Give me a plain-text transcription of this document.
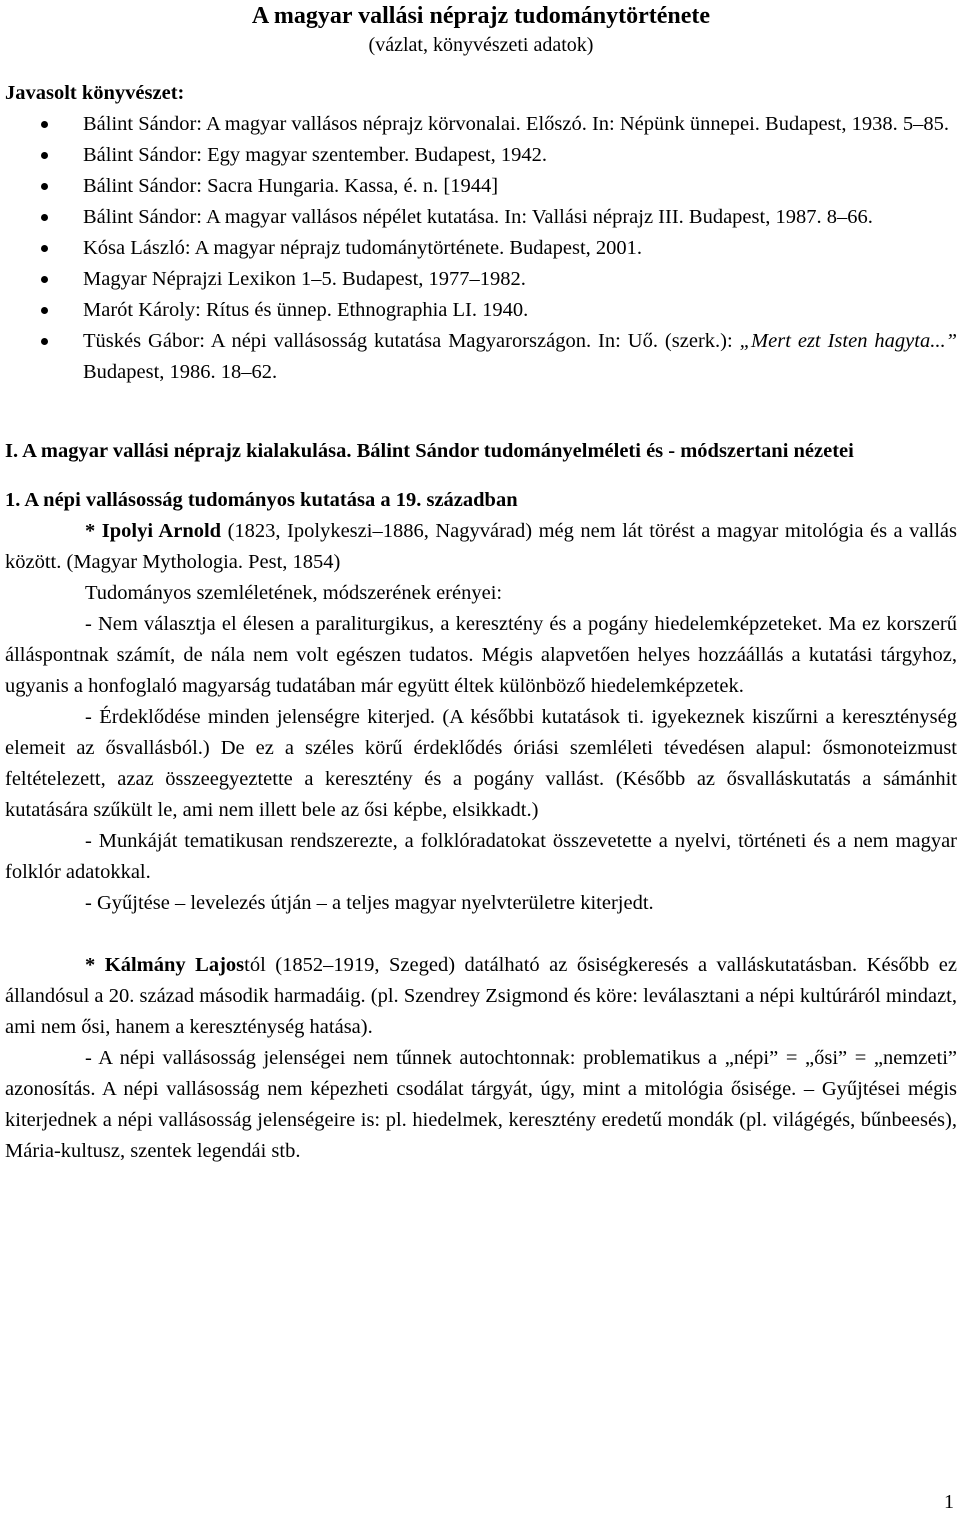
A magyar vallási néprajz tudománytörténete
(vázlat, könyvészeti adatok)
Javasolt könyvészet:
Bálint Sándor: A magyar vallásos néprajz körvonalai. Előszó. In: Népünk ünnepei. Budapest, 1938. 5–85.
Bálint Sándor: Egy magyar szentember. Budapest, 1942.
Bálint Sándor: Sacra Hungaria. Kassa, é. n. [1944]
Bálint Sándor: A magyar vallásos népélet kutatása. In: Vallási néprajz III. Budapest, 1987. 8–66.
Kósa László: A magyar néprajz tudománytörténete. Budapest, 2001.
Magyar Néprajzi Lexikon 1–5. Budapest, 1977–1982.
Marót Károly: Rítus és ünnep. Ethnographia LI. 1940.
Tüskés Gábor: A népi vallásosság kutatása Magyarországon. In: Uő. (szerk.): „Mert ezt Isten hagyta...” Budapest, 1986. 18–62.
I. A magyar vallási néprajz kialakulása. Bálint Sándor tudományelméleti és - módszertani nézetei
1. A népi vallásosság tudományos kutatása a 19. században

* Ipolyi Arnold (1823, Ipolykeszi–1886, Nagyvárad) még nem lát törést a magyar mitológia és a vallás között. (Magyar Mythologia. Pest, 1854)

Tudományos szemléletének, módszerének erényei:

- Nem választja el élesen a paraliturgikus, a keresztény és a pogány hiedelemképzeteket. Ma ez korszerű álláspontnak számít, de nála nem volt egészen tudatos. Mégis alapvetően helyes hozzáállás a kutatási tárgyhoz, ugyanis a honfoglaló magyarság tudatában már együtt éltek különböző hiedelemképzetek.

- Érdeklődése minden jelenségre kiterjed. (A későbbi kutatások ti. igyekeznek kiszűrni a kereszténység elemeit az ősvallásból.) De ez a széles körű érdeklődés óriási szemléleti tévedésen alapul: ősmonoteizmust feltételezett, azaz összeegyeztette a keresztény és a pogány vallást. (Később az ősvalláskutatás a sámánhit kutatására szűkült le, ami nem illett bele az ősi képbe, elsikkadt.)

- Munkáját tematikusan rendszerezte, a folklóradatokat összevetette a nyelvi, történeti és a nem magyar folklór adatokkal.

- Gyűjtése – levelezés útján – a teljes magyar nyelvterületre kiterjedt.

* Kálmány Lajostól (1852–1919, Szeged) datálható az ősiségkeresés a valláskutatásban. Később ez állandósul a 20. század második harmadáig. (pl. Szendrey Zsigmond és köre: leválasztani a népi kultúráról mindazt, ami nem ősi, hanem a kereszténység hatása).

- A népi vallásosság jelenségei nem tűnnek autochtonnak: problematikus a „népi” = „ősi” = „nemzeti” azonosítás. A népi vallásosság nem képezheti csodálat tárgyát, úgy, mint a mitológia ősisége. – Gyűjtései mégis kiterjednek a népi vallásosság jelenségeire is: pl. hiedelmek, keresztény eredetű mondák (pl. világégés, bűnbeesés), Mária-kultusz, szentek legendái stb.

1
